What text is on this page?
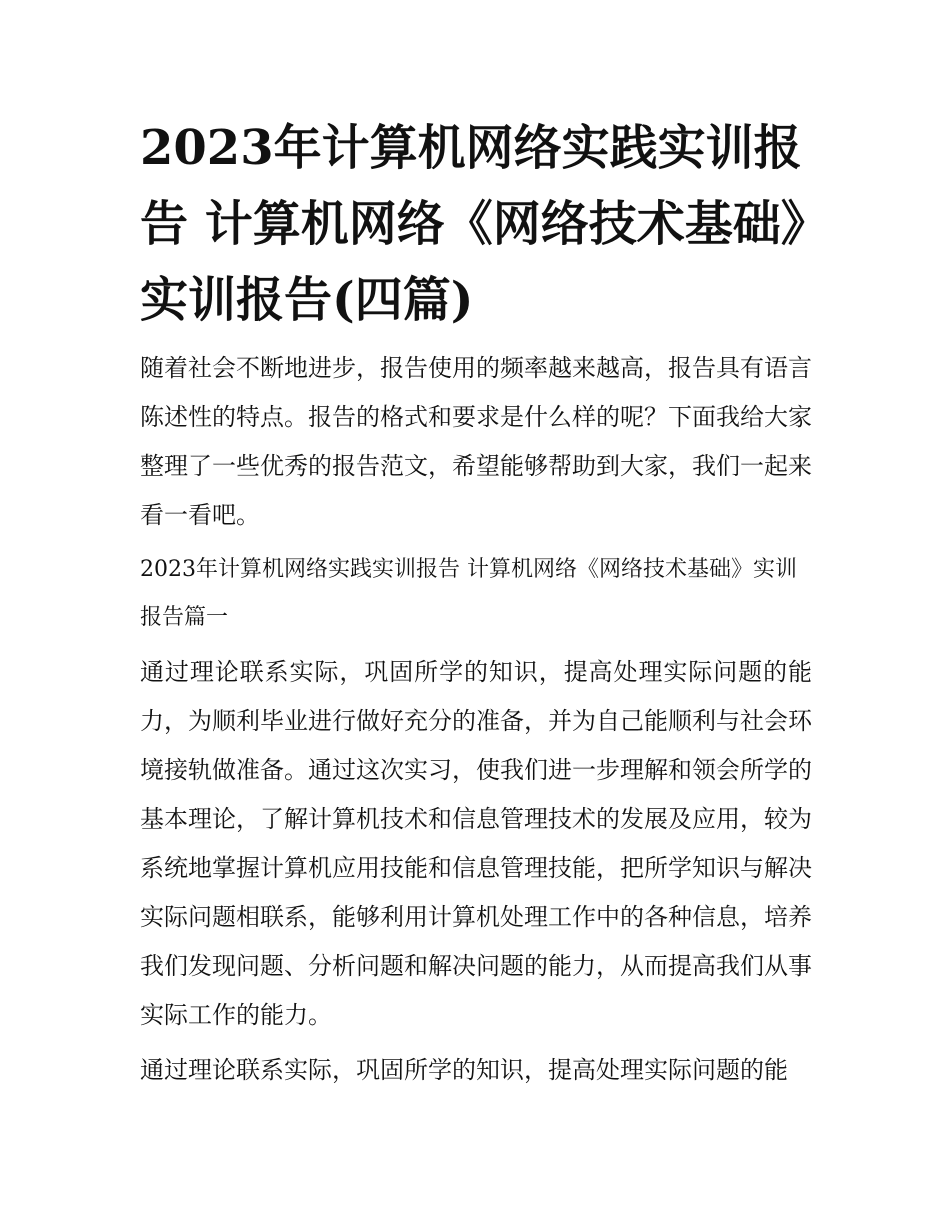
2023年计算机网络实践实训报告 计算机网络《网络技术基础》实训报告(四篇)

随着社会不断地进步，报告使用的频率越来越高，报告具有语言陈述性的特点。报告的格式和要求是什么样的呢？下面我给大家整理了一些优秀的报告范文，希望能够帮助到大家，我们一起来看一看吧。

2023年计算机网络实践实训报告 计算机网络《网络技术基础》实训报告篇一

通过理论联系实际，巩固所学的知识，提高处理实际问题的能力，为顺利毕业进行做好充分的准备，并为自己能顺利与社会环境接轨做准备。通过这次实习，使我们进一步理解和领会所学的基本理论，了解计算机技术和信息管理技术的发展及应用，较为系统地掌握计算机应用技能和信息管理技能，把所学知识与解决实际问题相联系，能够利用计算机处理工作中的各种信息，培养我们发现问题、分析问题和解决问题的能力，从而提高我们从事实际工作的能力。

通过理论联系实际，巩固所学的知识，提高处理实际问题的能
